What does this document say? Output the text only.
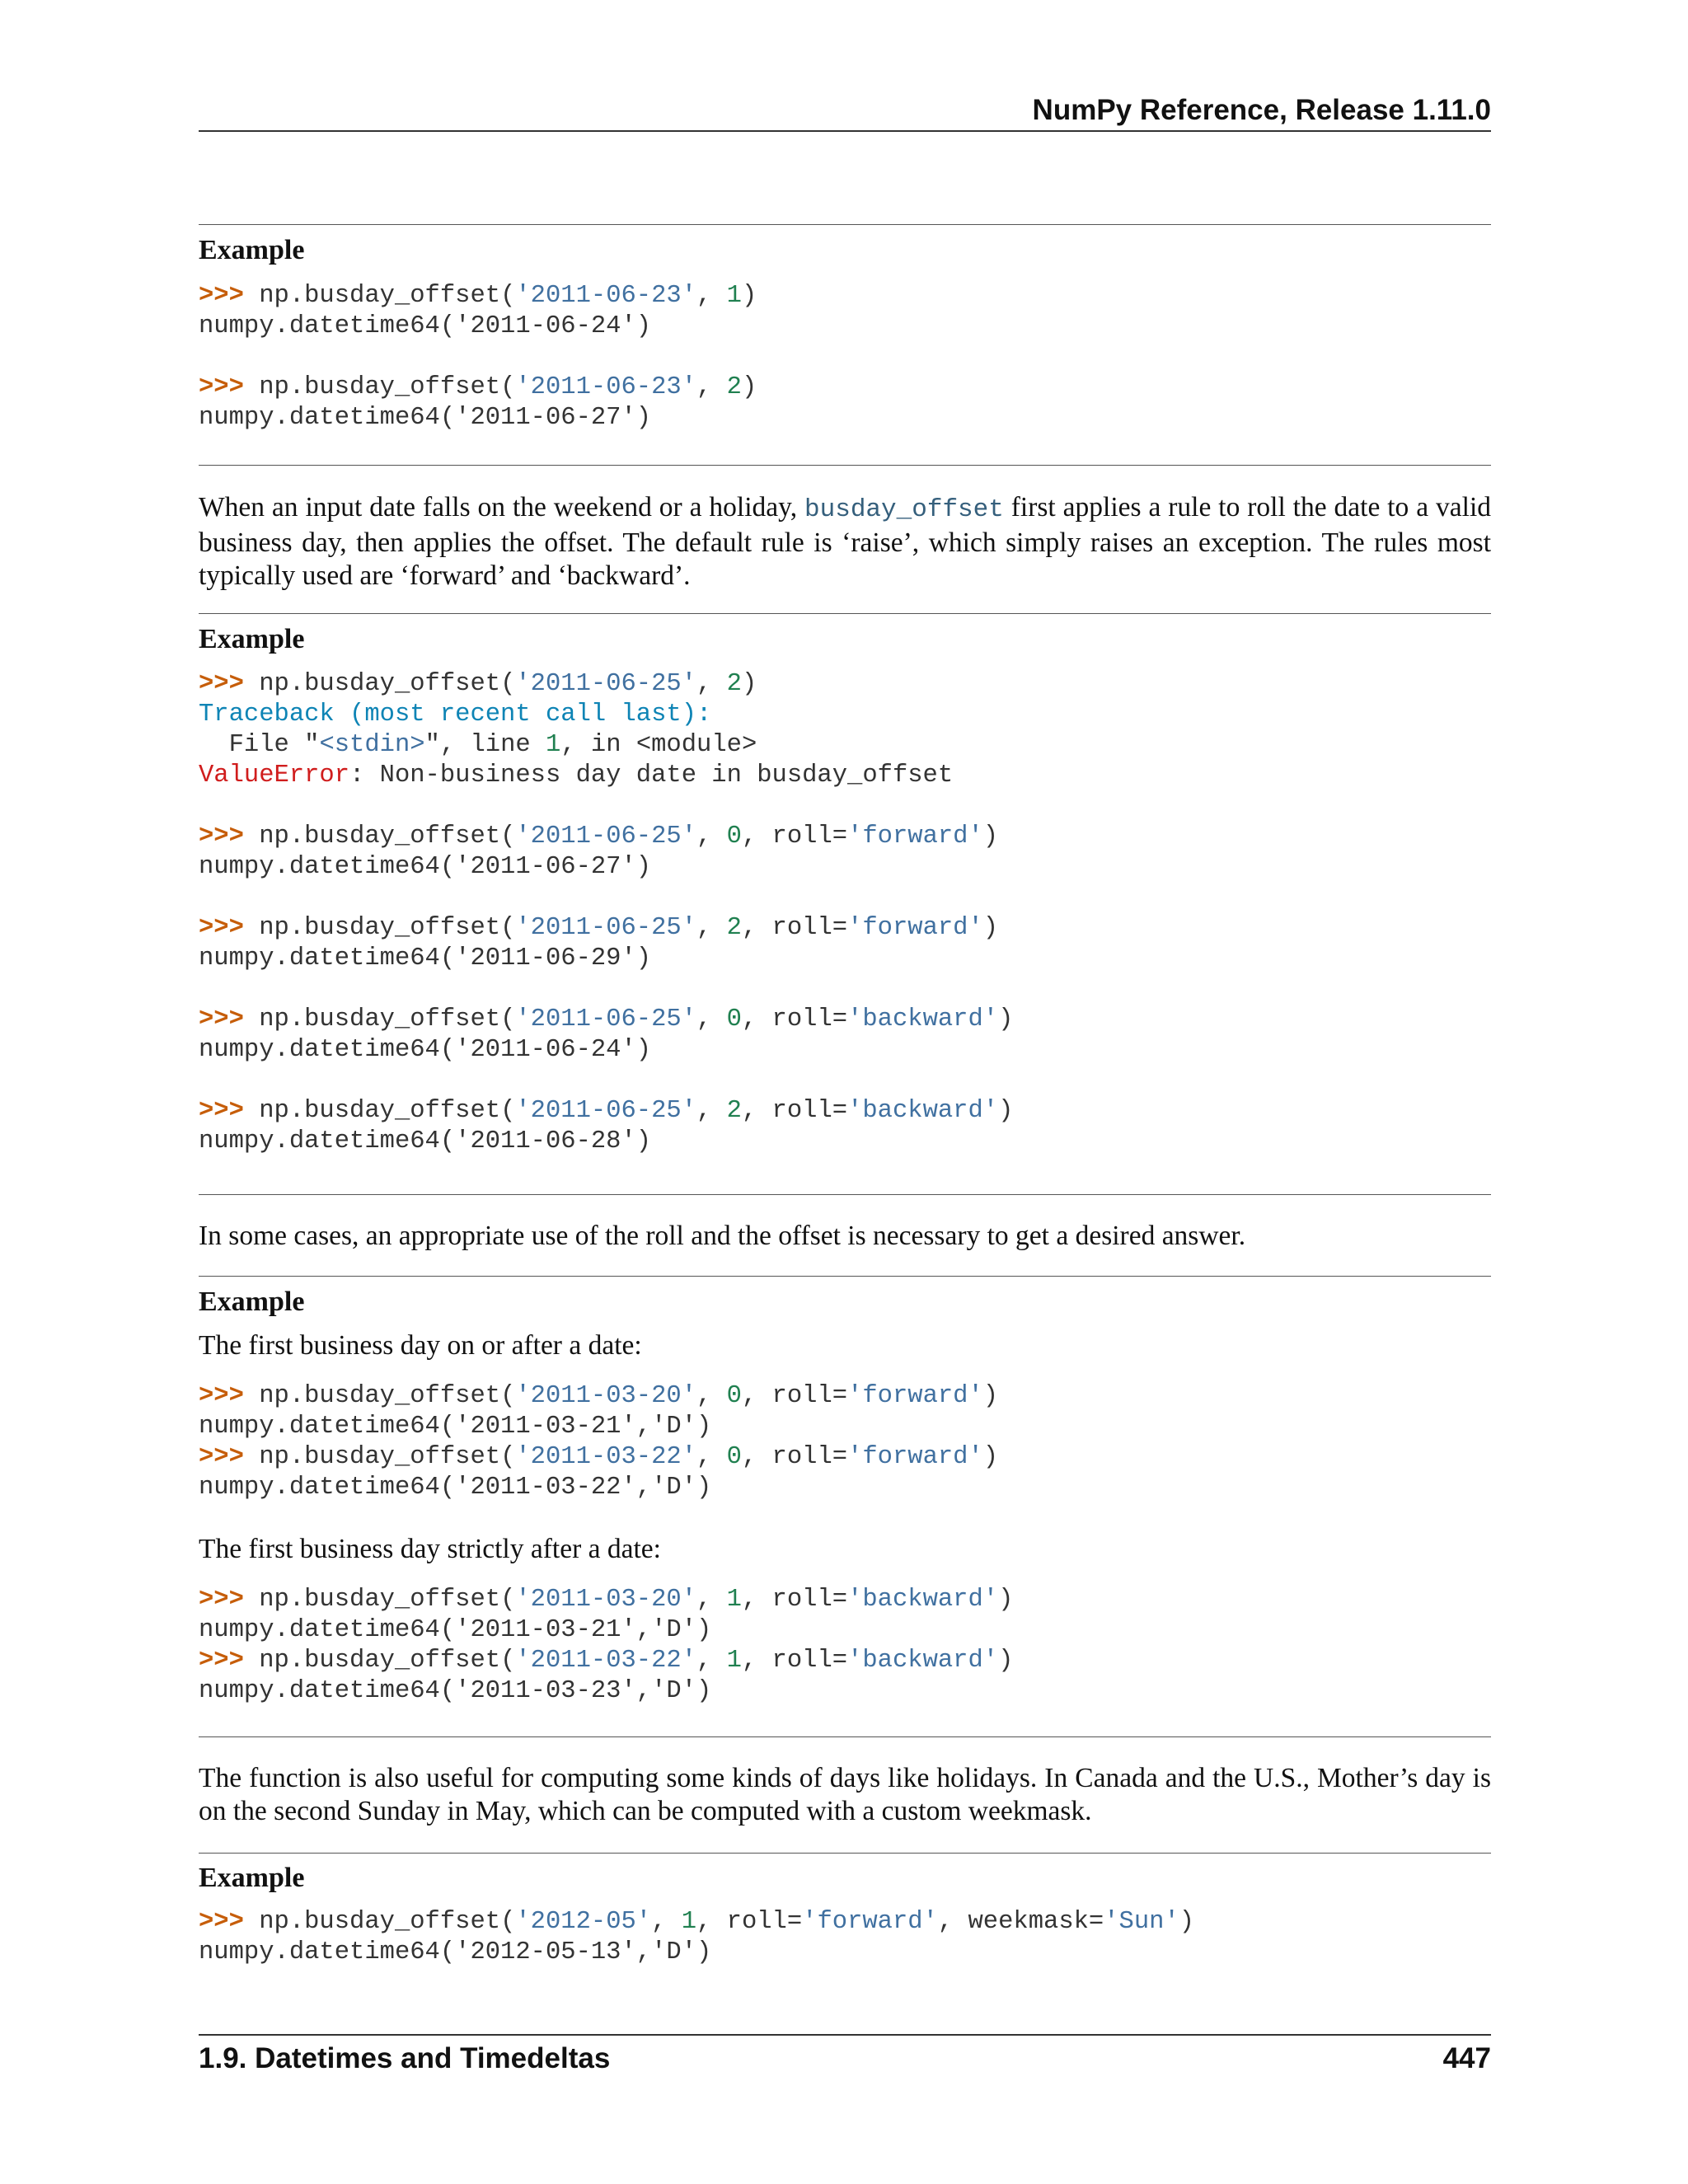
NumPy Reference, Release 1.11.0
Example
>>> np.busday_offset('2011-06-23', 1)
numpy.datetime64('2011-06-24')
>>> np.busday_offset('2011-06-23', 2)
numpy.datetime64('2011-06-27')
When an input date falls on the weekend or a holiday, busday_offset first applies a rule to roll the date to a valid business day, then applies the offset. The default rule is ‘raise’, which simply raises an exception. The rules most typically used are ‘forward’ and ‘backward’.
Example
>>> np.busday_offset('2011-06-25', 2)
Traceback (most recent call last):
File "<stdin>", line 1, in <module>
ValueError: Non-business day date in busday_offset
>>> np.busday_offset('2011-06-25', 0, roll='forward')
numpy.datetime64('2011-06-27')
>>> np.busday_offset('2011-06-25', 2, roll='forward')
numpy.datetime64('2011-06-29')
>>> np.busday_offset('2011-06-25', 0, roll='backward')
numpy.datetime64('2011-06-24')
>>> np.busday_offset('2011-06-25', 2, roll='backward')
numpy.datetime64('2011-06-28')
In some cases, an appropriate use of the roll and the offset is necessary to get a desired answer.
Example
The first business day on or after a date:
>>> np.busday_offset('2011-03-20', 0, roll='forward')
numpy.datetime64('2011-03-21','D')
>>> np.busday_offset('2011-03-22', 0, roll='forward')
numpy.datetime64('2011-03-22','D')
The first business day strictly after a date:
>>> np.busday_offset('2011-03-20', 1, roll='backward')
numpy.datetime64('2011-03-21','D')
>>> np.busday_offset('2011-03-22', 1, roll='backward')
numpy.datetime64('2011-03-23','D')
The function is also useful for computing some kinds of days like holidays. In Canada and the U.S., Mother’s day is on the second Sunday in May, which can be computed with a custom weekmask.
Example
>>> np.busday_offset('2012-05', 1, roll='forward', weekmask='Sun')
numpy.datetime64('2012-05-13','D')
1.9. Datetimes and Timedeltas	447
